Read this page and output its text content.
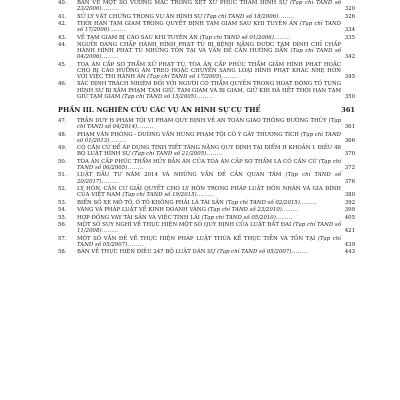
40.	BÀN VỀ MỘT SỐ VƯỚNG MẮC TRONG XÉT XỬ PHÚC THẨM HÌNH SỰ (Tạp chí TAND số 23/2006)........	320
41.	XỬ LÝ VẬT CHỨNG TRONG VỤ ÁN HÌNH SỰ (Tạp chí TAND số 18/2006)........	326
42.	THỜI HẠN TẠM GIAM TRONG QUYẾT ĐỊNH TẠM GIAM SAU KHI TUYÊN ÁN (Tạp chí TAND số 17/2006)........	334
43.	VỀ TẠM GIAM BỊ CÁO SAU KHI TUYÊN ÁN (Tạp chí TAND số 01/2006)........	335
44.	NGƯỜI ĐANG CHẤP HÀNH HÌNH PHẠT TÙ BỊ BỆNH NẶNG ĐƯỢC TẠM ĐÌNH CHỈ CHẤP HÀNH HÌNH PHẠT TÙ NHỮNG TỒN TẠI VÀ VẤN ĐỀ CẦN HƯỚNG DẪN (Tạp chí TAND số 04/2006)........	342
45.	TÒA ÁN CẤP SƠ THẨM XỬ PHẠT TÙ, TÒA ÁN CẤP PHÚC THẨM GIẢM HÌNH PHẠT HOẶC CHO BỊ CÁO HƯỞNG ÁN TREO HOẶC CHUYỂN SANG LOẠI HÌNH PHẠT KHÁC NHẸ HƠN VỚI VIỆC THI HÀNH ÁN (Tạp chí TAND số 17/2005)........	345
46.	XÁC ĐỊNH TRÁCH NHIỆM ĐỐI VỚI NGƯỜI CÓ THẨM QUYỀN TRONG HOẠT ĐỘNG TỐ TỤNG HÌNH SỰ BỊ XÂM PHẠM TẠM GIỮ, TẠM GIAM VÀ BỊ GIAM, GIỮ KHI ĐÃ HẾT THỜI HẠN TẠM GIỮ TẠM GIAM (Tạp chí TAND số 15/2005)........	350
PHẦN III. NGHIÊN CỨU CÁC VỤ ÁN HÌNH SỰ CỤ THỂ	361
47.	TRẦN DUY H PHẠM TỘI VI PHẠM QUY ĐỊNH VỀ AN TOÀN GIAO THÔNG ĐƯỜNG THỦY (Tạp chí TAND số 04/2014)........	361
48.	PHẠM VĂN PHÒNG - DƯƠNG VĂN HÙNG PHẠM TỘI CỐ Ý GÂY THƯƠNG TÍCH (Tạp chí TAND số 01/2013)........	366
49.	CÓ CĂN CỨ ĐỂ ÁP DỤNG TÌNH TIẾT TĂNG NẶNG QUY ĐỊNH TẠI ĐIỂM H KHOẢN 1 ĐIỀU 48 BỘ LUẬT HÌNH SỰ (Tạp chí TAND số 21/2005)........	370
50.	TÒA ÁN CẤP PHÚC THẨM HỦY BẢN ÁN CỦA TÒA ÁN CẤP SƠ THẨM LÀ CÓ CĂN CỨ (Tạp chí TAND số 06/2005)........	372
51.	LUẬT ĐẤU TƯ NĂM 2014 VÀ NHỮNG VẤN ĐỀ CẦN QUAN TÂM (Tạp chí TAND số 20/2017)........	376
52.	LY HÔN, CĂN CỨ GIẢI QUYẾT CHO LY HÔN TRONG PHÁP LUẬT HÔN NHÂN VÀ GIA ĐÌNH CỦA VIỆT NAM (Tạp chí TAND số 19/2015)........	380
53.	BIỂN SỐ XE MÔ TÔ, Ô TÔ KHÔNG PHẢI LÀ TÀI SẢN (Tạp chí TAND số 02/2015)........	392
54.	VÀNG VÀ PHÁP LUẬT VỀ KINH DOANH VÀNG (Tạp chí TAND số 23/2010)........	399
55.	HỢP ĐỒNG VAY TÀI SẢN VÀ VIỆC TÍNH LÃI (Tạp chí TAND số 05/2010)........	405
56.	MỘT SỐ SUY NGHĨ VỀ THỰC HIỆN MỘT SỐ QUY ĐỊNH CỦA LUẬT ĐẤT ĐAI (Tạp chí TAND số 11/2008)........	421
57.	MỘT SỐ VẤN ĐỀ VỀ THỰC HIỆN PHÁP LUẬT THỪA KẾ THỰC TIỄN VÀ TỒN TẠI (Tạp chí TAND số 05/2007)........	439
58.	BÀN VỀ THỰC HIỆN ĐIỀU 247 BỘ LUẬT DÂN SỰ (Tạp chí TAND số 05/2007)........	443
